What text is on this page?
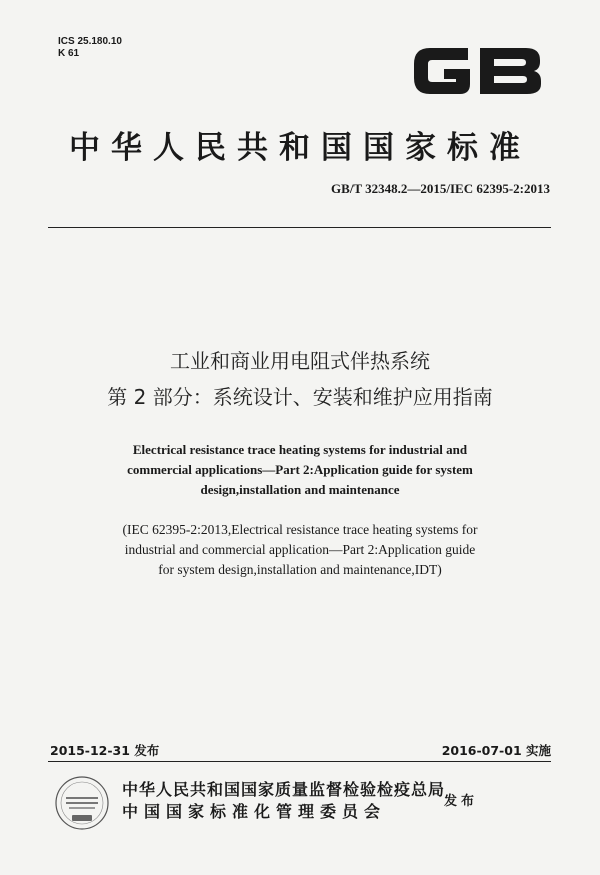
ICS 25.180.10
K 61
中华人民共和国国家标准
GB/T 32348.2—2015/IEC 62395-2:2013
工业和商业用电阻式伴热系统
第 2 部分：系统设计、安装和维护应用指南
Electrical resistance trace heating systems for industrial and
commercial applications—Part 2:Application guide for system
design,installation and maintenance
(IEC 62395-2:2013,Electrical resistance trace heating systems for
industrial and commercial application—Part 2:Application guide
for system design,installation and maintenance,IDT)
2015-12-31 发布	2016-07-01 实施
中华人民共和国国家质量监督检验检疫总局
中国国家标准化管理委员会
发布
